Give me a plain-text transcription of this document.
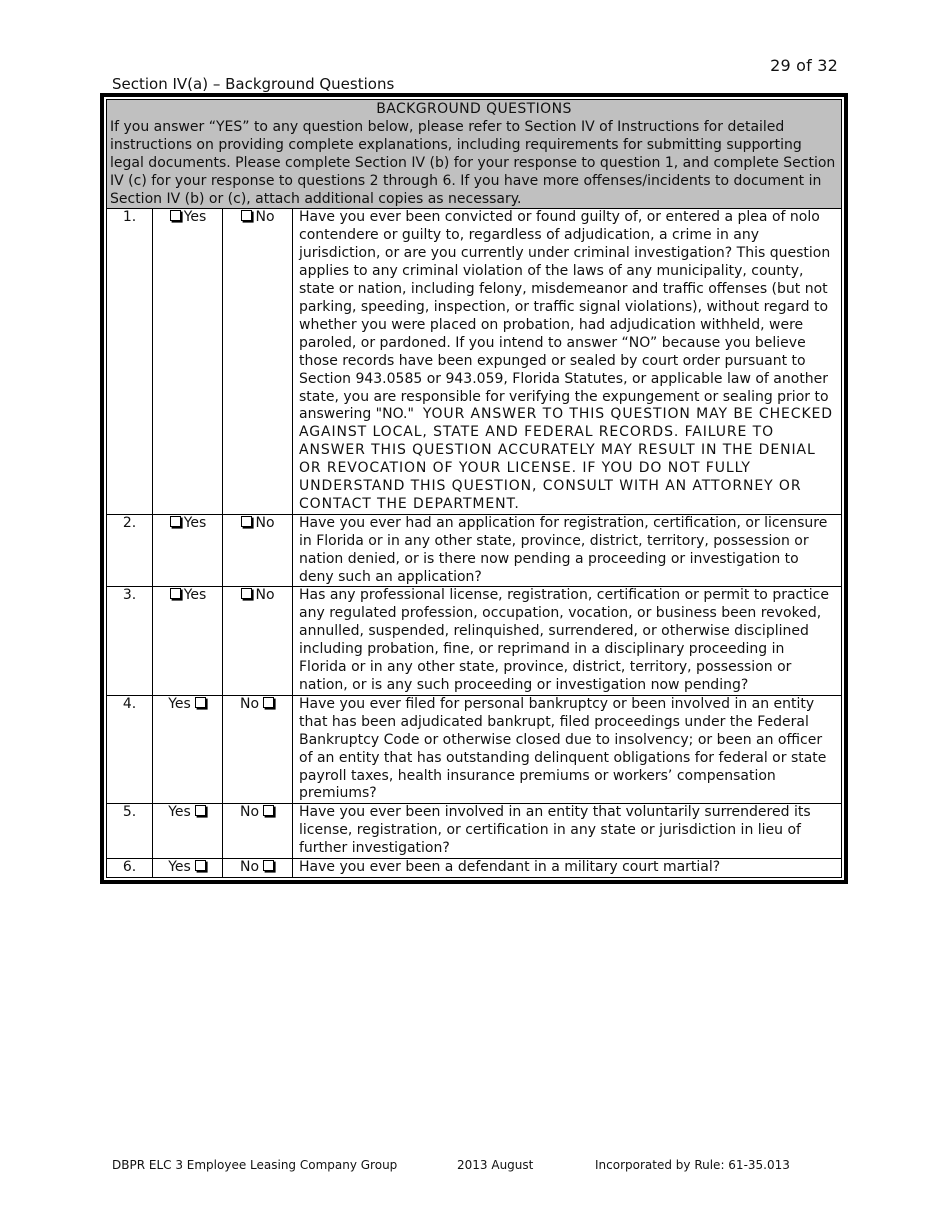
29 of 32
Section IV(a) – Background Questions
BACKGROUND QUESTIONS
If you answer “YES” to any question below, please refer to Section IV of Instructions for detailed instructions on providing complete explanations, including requirements for submitting supporting legal documents. Please complete Section IV (b) for your response to question 1, and complete Section IV (c) for your response to questions 2 through 6. If you have more offenses/incidents to document in Section IV (b) or (c), attach additional copies as necessary.			

1.	Yes	No	Have you ever been convicted or found guilty of, or entered a plea of nolo contendere or guilty to, regardless of adjudication, a crime in any jurisdiction, or are you currently under criminal investigation? This question applies to any criminal violation of the laws of any municipality, county, state or nation, including felony, misdemeanor and traffic offenses (but not parking, speeding, inspection, or traffic signal violations), without regard to whether you were placed on probation, had adjudication withheld, were paroled, or pardoned. If you intend to answer “NO” because you believe those records have been expunged or sealed by court order pursuant to Section 943.0585 or 943.059, Florida Statutes, or applicable law of another state, you are responsible for verifying the expungement or sealing prior to answering "NO." YOUR ANSWER TO THIS QUESTION MAY BE CHECKED AGAINST LOCAL, STATE AND FEDERAL RECORDS. FAILURE TO ANSWER THIS QUESTION ACCURATELY MAY RESULT IN THE DENIAL OR REVOCATION OF YOUR LICENSE. IF YOU DO NOT FULLY UNDERSTAND THIS QUESTION, CONSULT WITH AN ATTORNEY OR CONTACT THE DEPARTMENT.
2.	Yes	No	Have you ever had an application for registration, certification, or licensure in Florida or in any other state, province, district, territory, possession or nation denied, or is there now pending a proceeding or investigation to deny such an application?
3.	Yes	No	Has any professional license, registration, certification or permit to practice any regulated profession, occupation, vocation, or business been revoked, annulled, suspended, relinquished, surrendered, or otherwise disciplined including probation, fine, or reprimand in a disciplinary proceeding in Florida or in any other state, province, district, territory, possession or nation, or is any such proceeding or investigation now pending?
4.	Yes	No	Have you ever filed for personal bankruptcy or been involved in an entity that has been adjudicated bankrupt, filed proceedings under the Federal Bankruptcy Code or otherwise closed due to insolvency; or been an officer of an entity that has outstanding delinquent obligations for federal or state payroll taxes, health insurance premiums or workers’ compensation premiums?
5.	Yes	No	Have you ever been involved in an entity that voluntarily surrendered its license, registration, or certification in any state or jurisdiction in lieu of further investigation?
6.	Yes	No	Have you ever been a defendant in a military court martial?
DBPR ELC 3 Employee Leasing Company Group	2013 August	Incorporated by Rule: 61-35.013
